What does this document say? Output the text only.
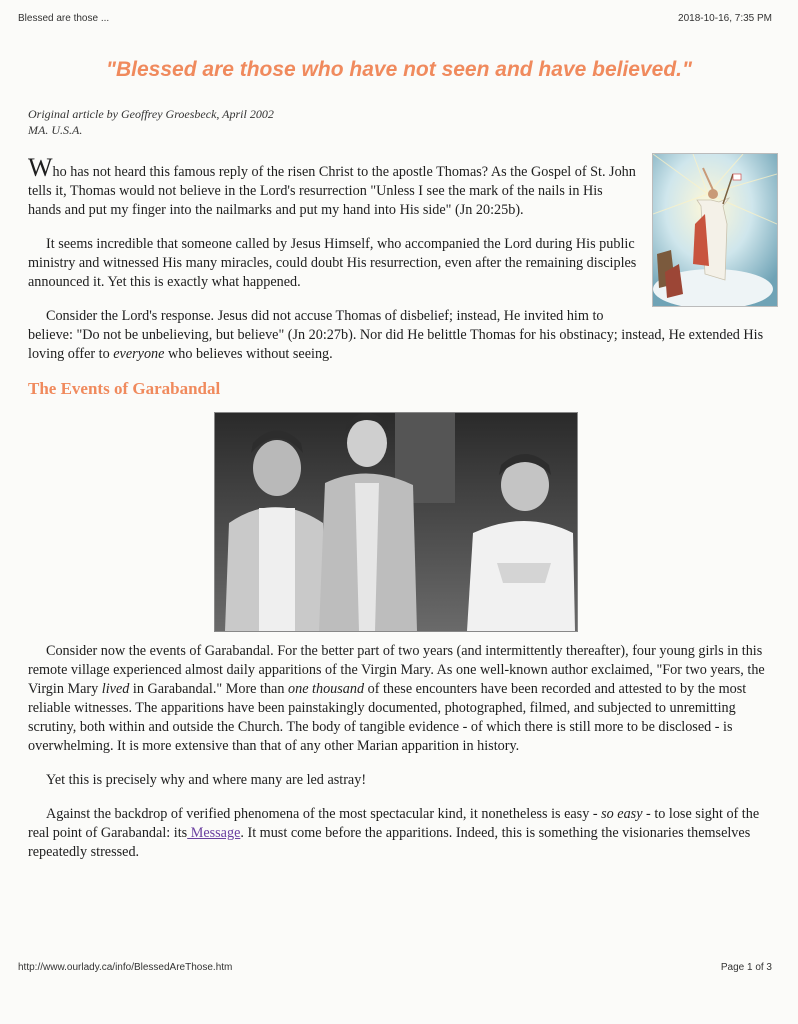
Blessed are those ...	2018-10-16, 7:35 PM
"Blessed are those who have not seen and have believed."
Original article by Geoffrey Groesbeck, April 2002
MA. U.S.A.

Who has not heard this famous reply of the risen Christ to the apostle Thomas? As the Gospel of St. John tells it, Thomas would not believe in the Lord's resurrection "Unless I see the mark of the nails in His hands and put my finger into the nailmarks and put my hand into His side" (Jn 20:25b).

It seems incredible that someone called by Jesus Himself, who accompanied the Lord during His public ministry and witnessed His many miracles, could doubt His resurrection, even after the remaining disciples announced it. Yet this is exactly what happened.

Consider the Lord's response. Jesus did not accuse Thomas of disbelief; instead, He invited him to believe: "Do not be unbelieving, but believe" (Jn 20:27b). Nor did He belittle Thomas for his obstinacy; instead, He extended His loving offer to everyone who believes without seeing.

The Events of Garabandal

Consider now the events of Garabandal. For the better part of two years (and intermittently thereafter), four young girls in this remote village experienced almost daily apparitions of the Virgin Mary. As one well-known author exclaimed, "For two years, the Virgin Mary lived in Garabandal." More than one thousand of these encounters have been recorded and attested to by the most reliable witnesses. The apparitions have been painstakingly documented, photographed, filmed, and subjected to unremitting scrutiny, both within and outside the Church. The body of tangible evidence - of which there is still more to be disclosed - is overwhelming. It is more extensive than that of any other Marian apparition in history.

Yet this is precisely why and where many are led astray!

Against the backdrop of verified phenomena of the most spectacular kind, it nonetheless is easy - so easy - to lose sight of the real point of Garabandal: its Message. It must come before the apparitions. Indeed, this is something the visionaries themselves repeatedly stressed.

http://www.ourlady.ca/info/BlessedAreThose.htm	Page 1 of 3
